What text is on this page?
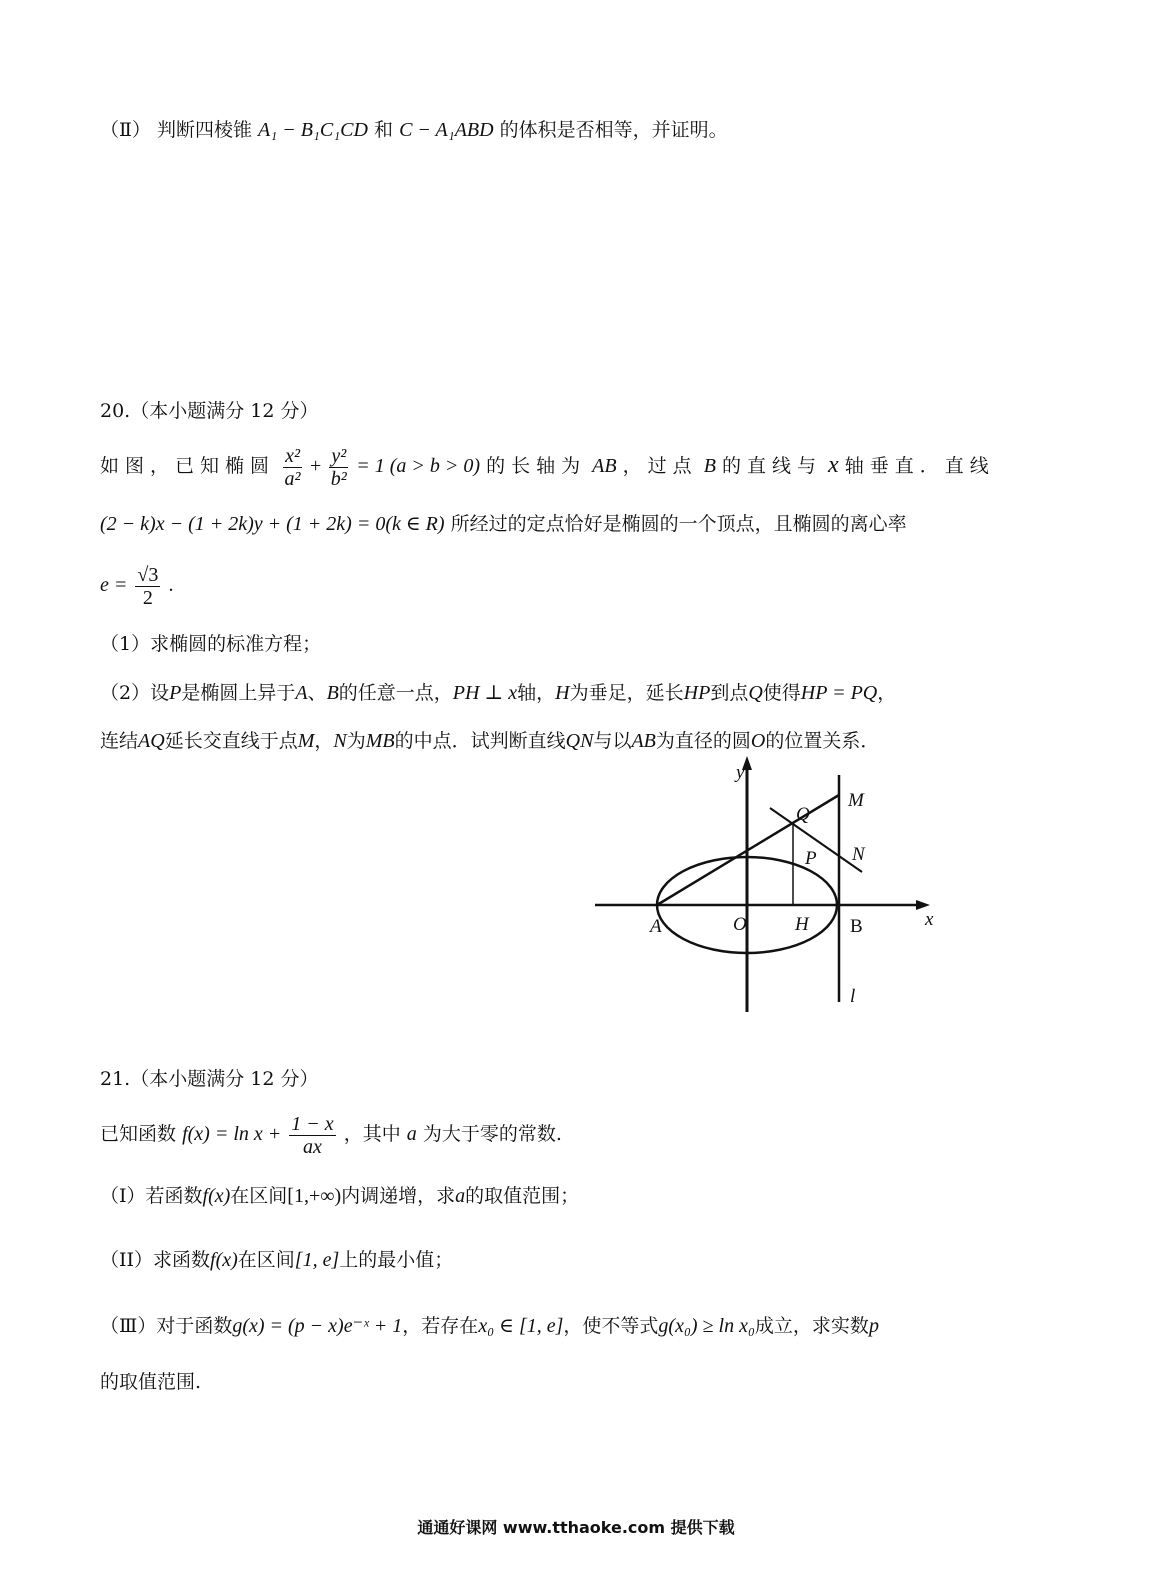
（Ⅱ） 判断四棱锥 A₁ − B₁C₁CD 和 C − A₁ABD 的体积是否相等，并证明。
20.（本小题满分 12 分）
如图，已知椭圆 $\frac{\text{x²}}{\text{a²}} + \frac{\text{y²}}{\text{b²}} = 1$ (a > b > 0) 的长轴为 AB ，过点 B 的直线与 x 轴垂直．直线
(2 − k)x − (1 + 2k)y + (1 + 2k) = 0(k ∈ R) 所经过的定点恰好是椭圆的一个顶点，且椭圆的离心率
$e = \frac{√3}{2}$ .
（1）求椭圆的标准方程；
（2）设P是椭圆上异于A、B的任意一点，PH ⊥ x轴，H为垂足，延长HP到点Q使得HP = PQ，
连结AQ延长交直线于点M，N为MB的中点．试判断直线QN与以AB为直径的圆O的位置关系．
y
x
M
Q
N
P
A	O	H B
l
21.（本小题满分 12 分）
已知函数 $f(x) = \ln x + \frac{1 - x}{ax}$ ，其中 a 为大于零的常数.
（I）若函数f(x)在区间[1,+∞)内调递增，求a的取值范围；
（II）求函数f(x)在区间[1, e]上的最小值；
（Ⅲ）对于函数g(x) = (p − x)e⁻ˣ + 1，若存在x₀ ∈ [1, e]，使不等式g(x₀) ≥ ln x₀成立，求实数p
的取值范围.
通通好课网 www.tthaoke.com 提供下载
